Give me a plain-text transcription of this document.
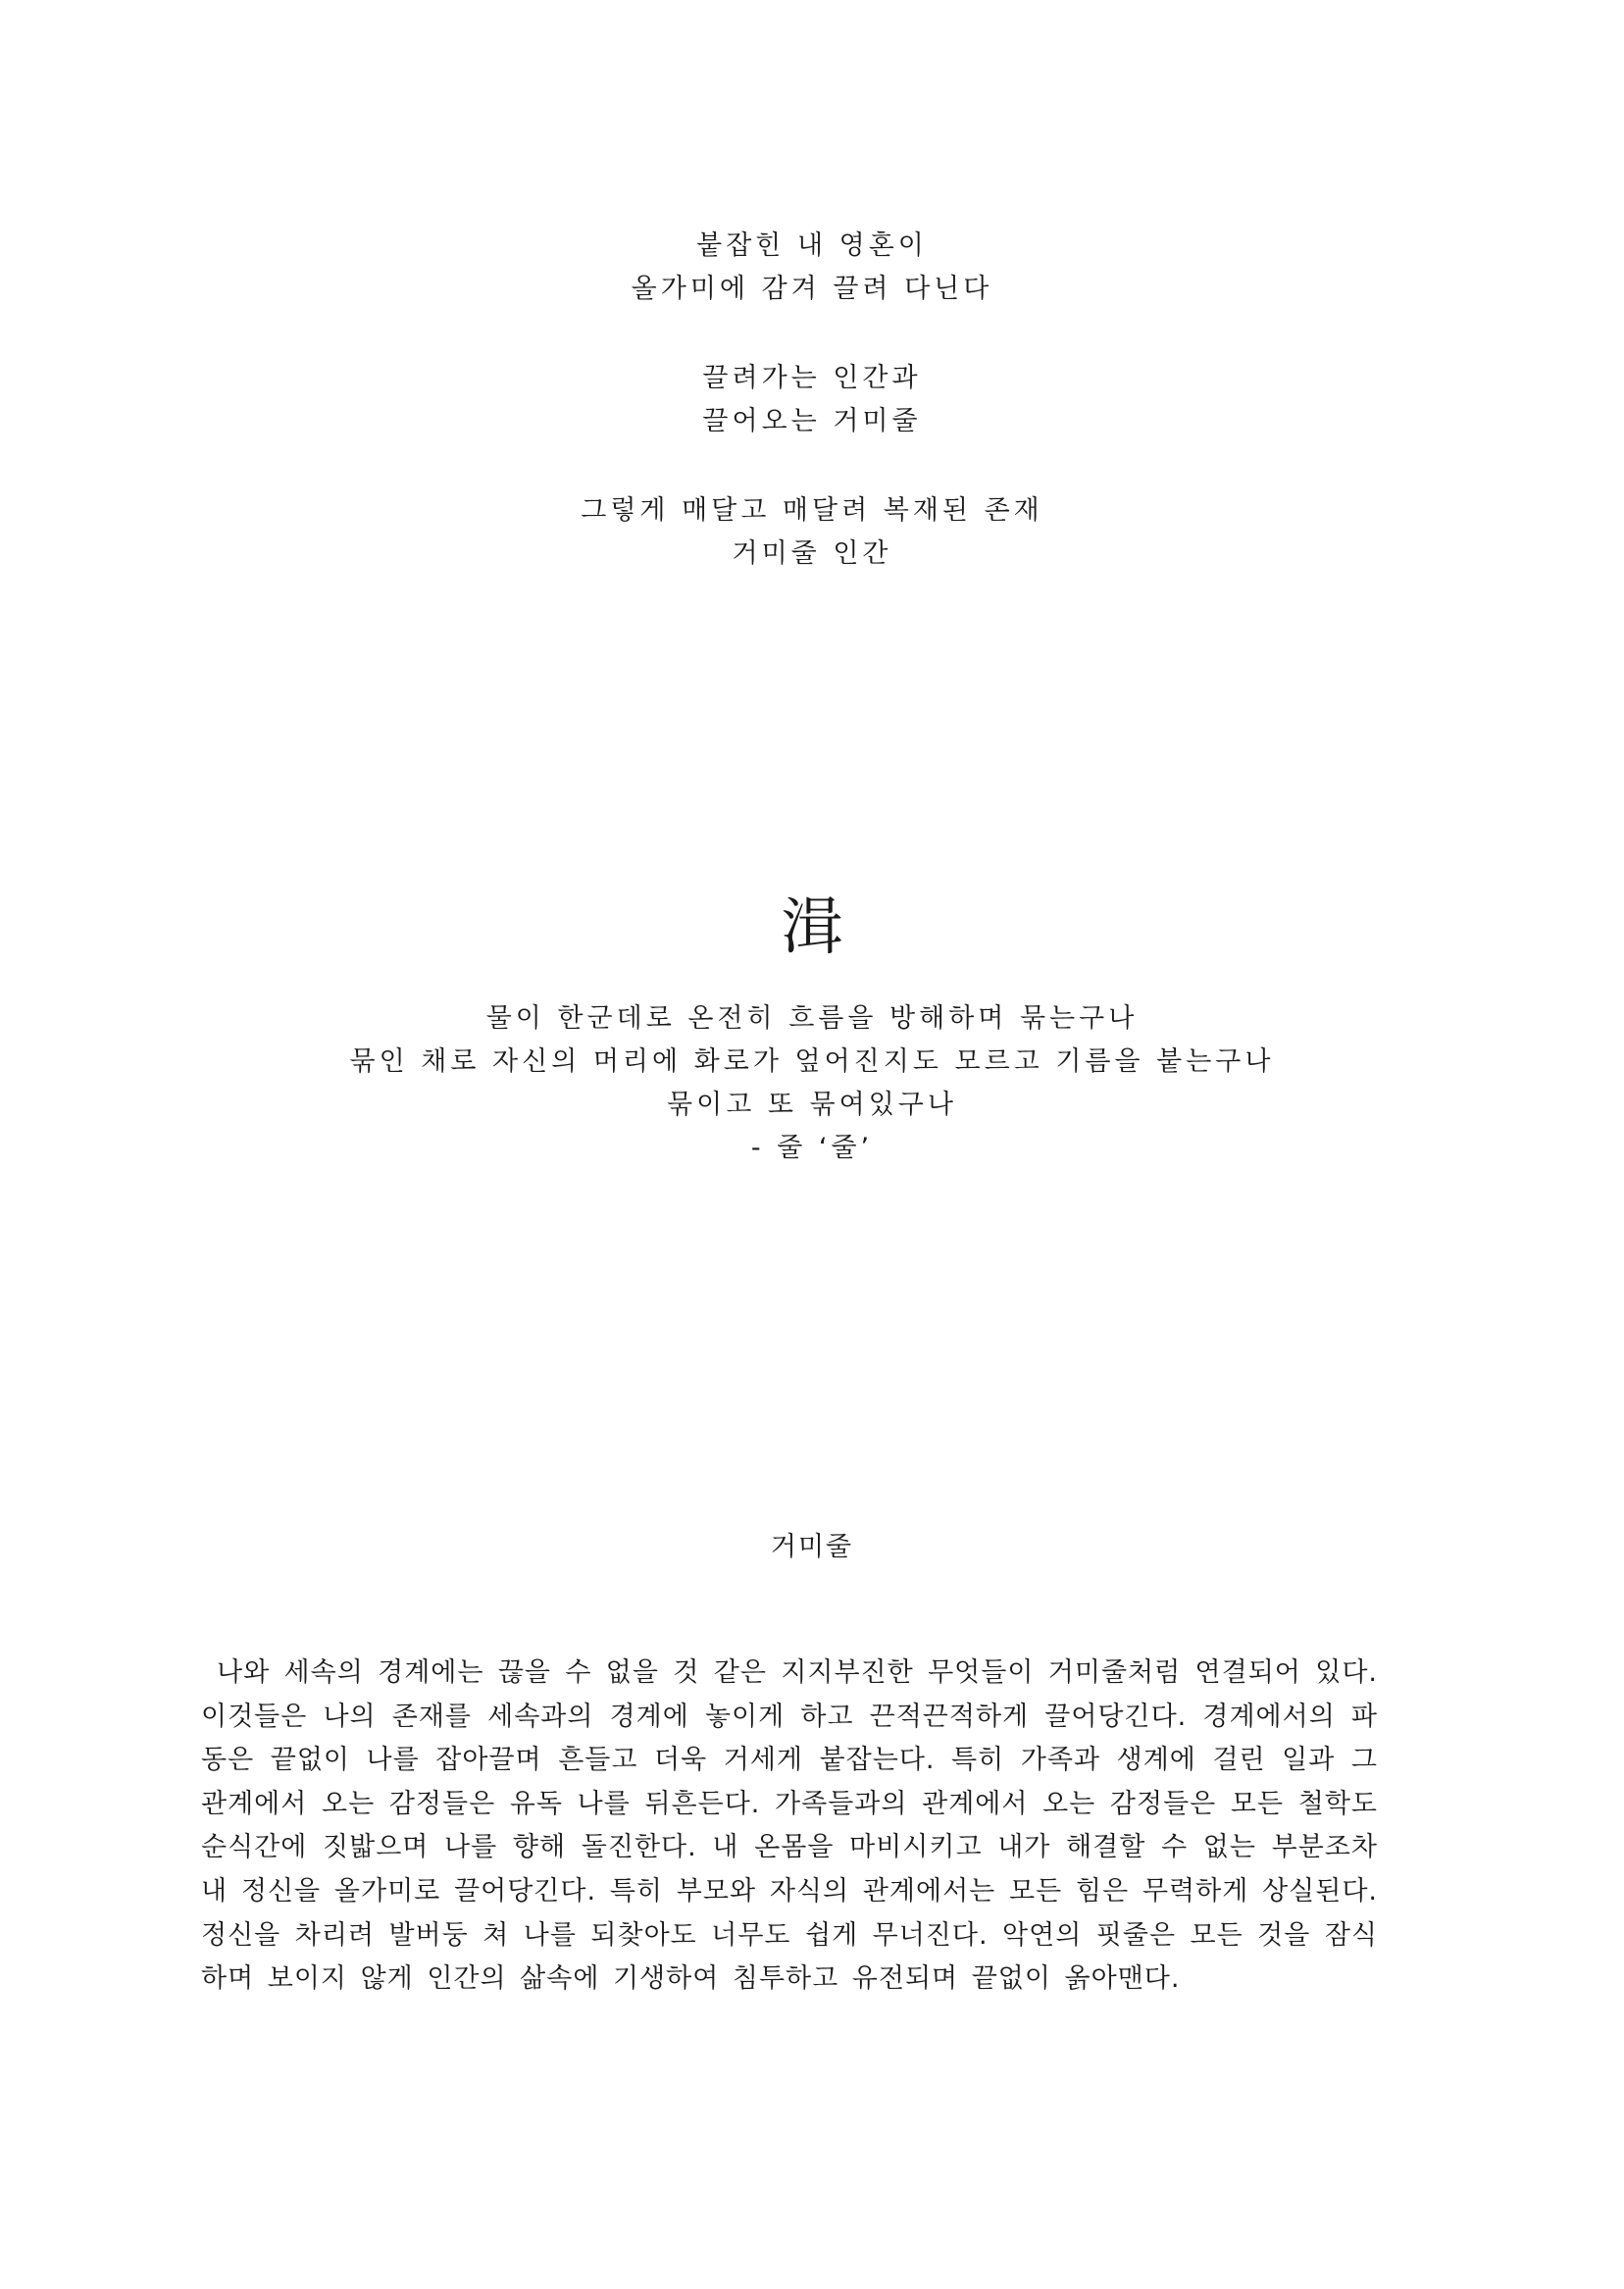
붙잡힌 내 영혼이
올가미에 감겨 끌려 다닌다
끌려가는 인간과
끌어오는 거미줄
그렇게 매달고 매달려 복재된 존재
거미줄 인간
湒
물이 한군데로 온전히 흐름을 방해하며 묶는구나
묶인 채로 자신의 머리에 화로가 엎어진지도 모르고 기름을 붙는구나
묶이고 또 묶여있구나
- 줄 ‘줄’
거미줄

나와 세속의 경계에는 끊을 수 없을 것 같은 지지부진한 무엇들이 거미줄처럼 연결되어 있다. 이것들은 나의 존재를 세속과의 경계에 놓이게 하고 끈적끈적하게 끌어당긴다. 경계에서의 파동은 끝없이 나를 잡아끌며 흔들고 더욱 거세게 붙잡는다. 특히 가족과 생계에 걸린 일과 그 관계에서 오는 감정들은 유독 나를 뒤흔든다. 가족들과의 관계에서 오는 감정들은 모든 철학도 순식간에 짓밟으며 나를 향해 돌진한다. 내 온몸을 마비시키고 내가 해결할 수 없는 부분조차 내 정신을 올가미로 끌어당긴다. 특히 부모와 자식의 관계에서는 모든 힘은 무력하게 상실된다. 정신을 차리려 발버둥 쳐 나를 되찾아도 너무도 쉽게 무너진다. 악연의 핏줄은 모든 것을 잠식하며 보이지 않게 인간의 삶속에 기생하여 침투하고 유전되며 끝없이 옭아맨다.
